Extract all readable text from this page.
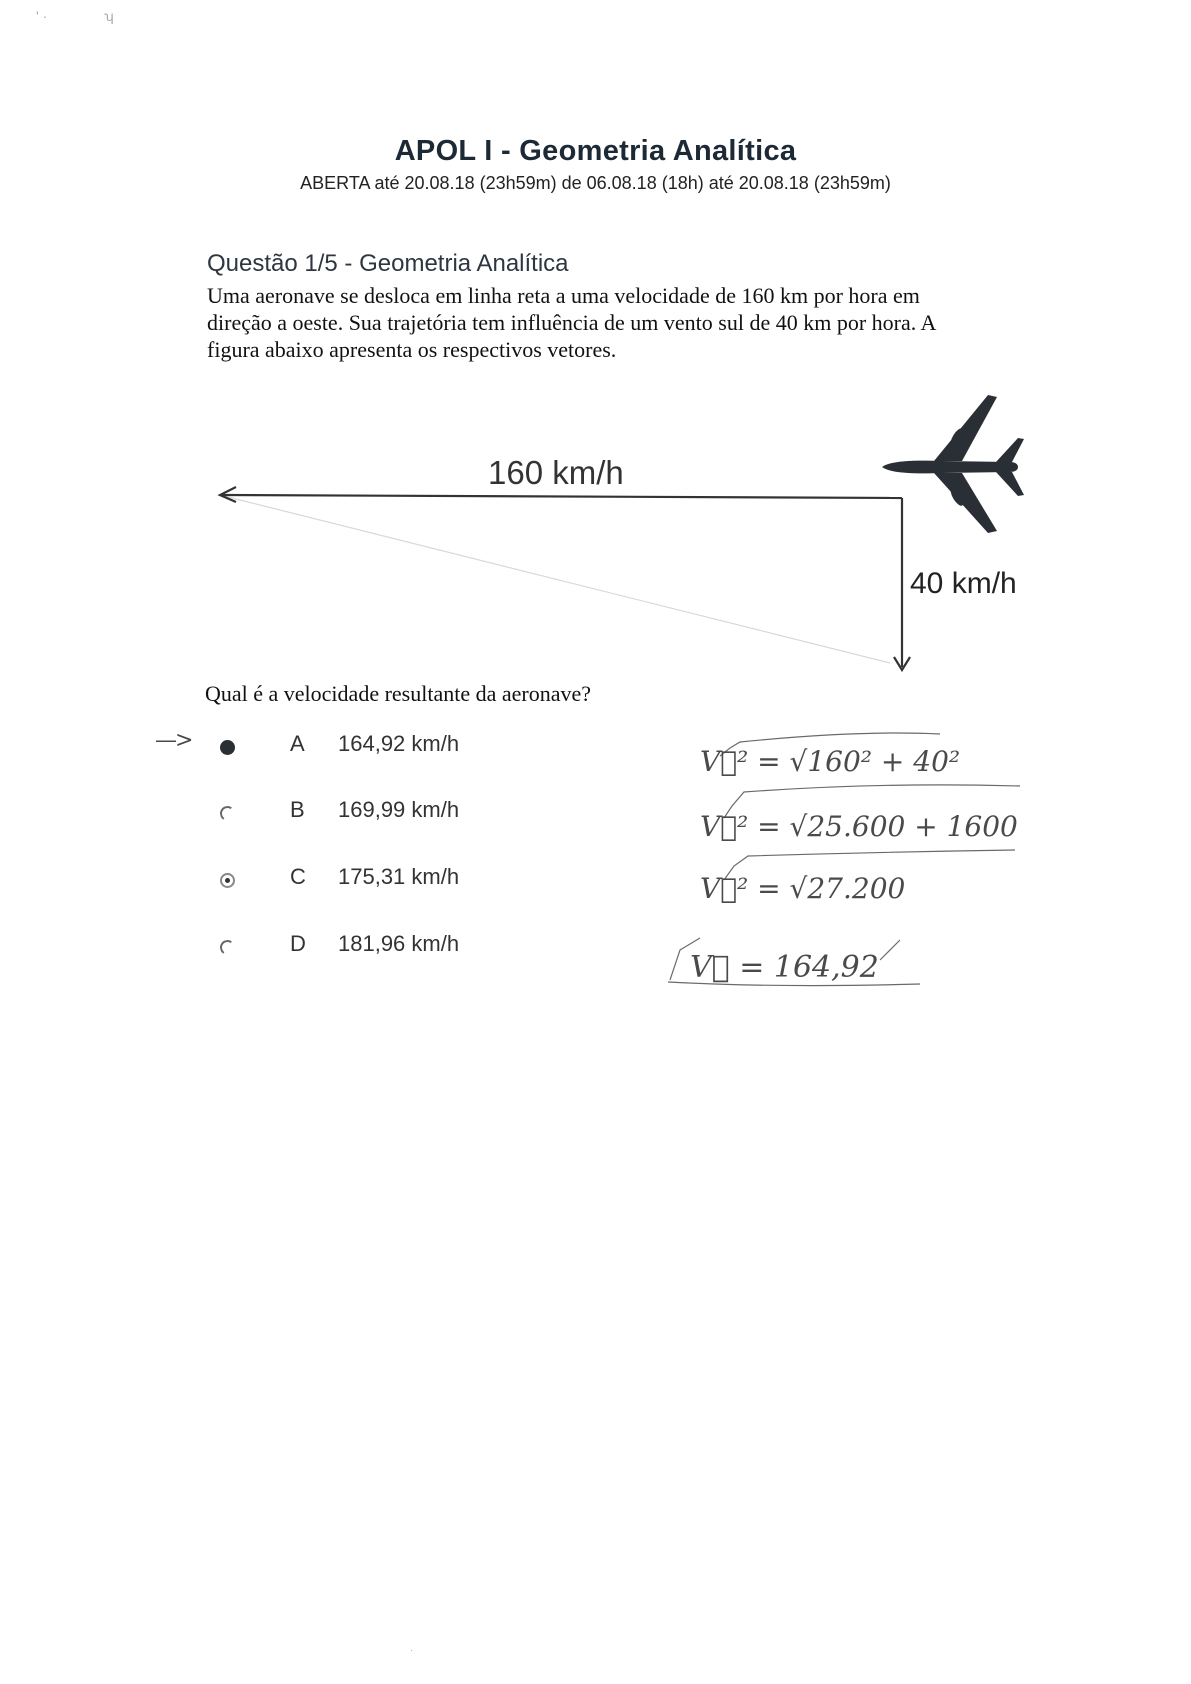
' ·	ʮ
APOL I - Geometria Analítica
ABERTA até 20.08.18 (23h59m) de 06.08.18 (18h) até 20.08.18 (23h59m)
Questão 1/5 - Geometria Analítica

Uma aeronave se desloca em linha reta a uma velocidade de 160 km por hora em

direção a oeste. Sua trajetória tem influência de um vento sul de 40 km por hora. A

figura abaixo apresenta os respectivos vetores.

160 km/h
40 km/h
Qual é a velocidade resultante da aeronave?
—>	A 164,92 km/h
B 169,99 km/h
C 175,31 km/h
D 181,96 km/h
V⃗² = √160² + 40²
V⃗² = √25.600 + 1600
V⃗² = √27.200
V⃗ = 164,92
·
